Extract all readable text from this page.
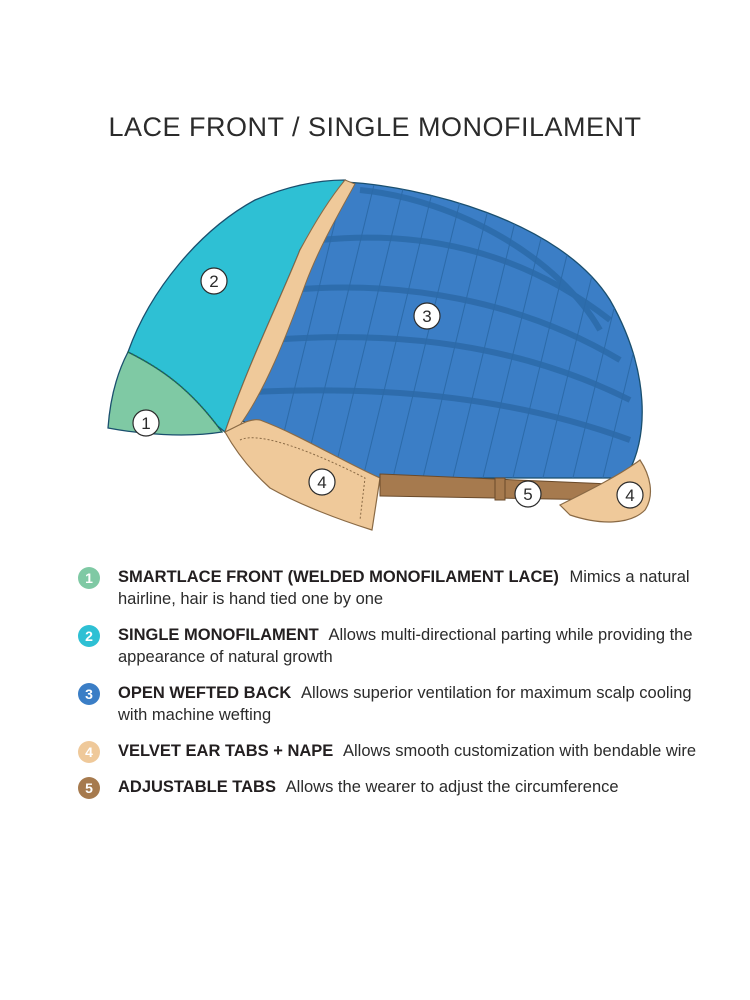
LACE FRONT / SINGLE MONOFILAMENT
1
2
3
4
5	4
1	SMARTLACE FRONT (WELDED MONOFILAMENT LACE) Mimics a natural hairline, hair is hand tied one by one
2	SINGLE MONOFILAMENT Allows multi-directional parting while providing the appearance of natural growth
3	OPEN WEFTED BACK Allows superior ventilation for maximum scalp cooling with machine wefting
4	VELVET EAR TABS + NAPE Allows smooth customization with bendable wire
5	ADJUSTABLE TABS Allows the wearer to adjust the circumference
